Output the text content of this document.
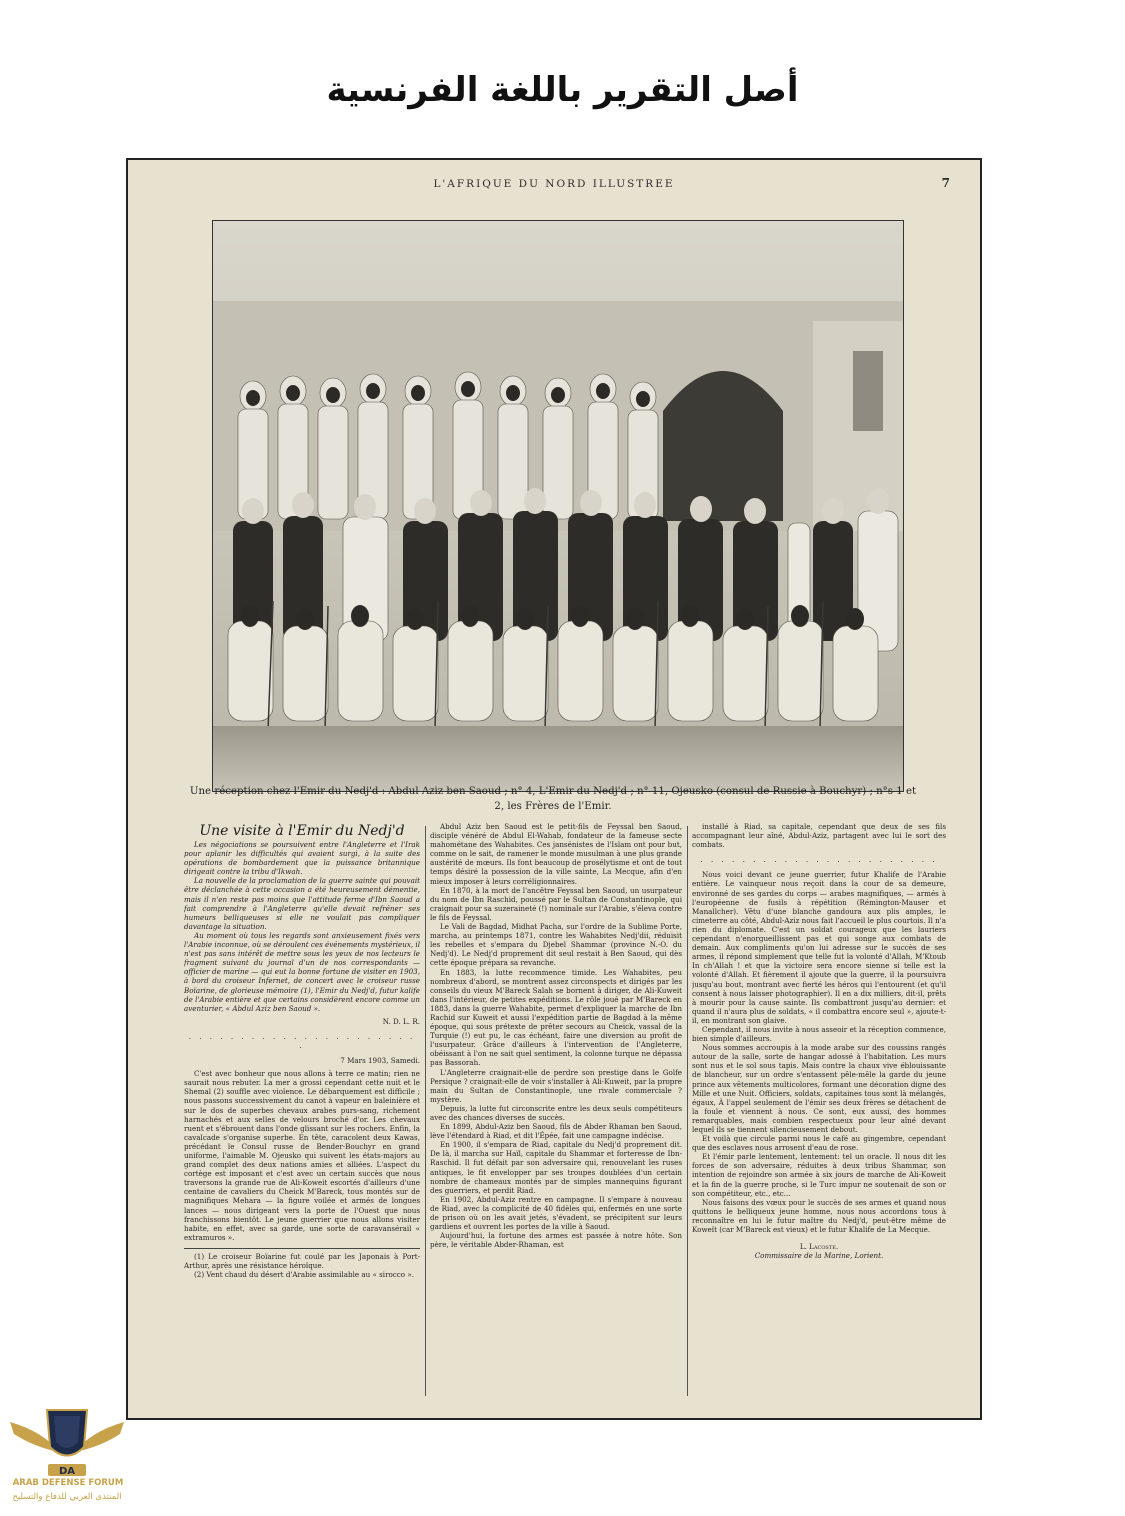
أصل التقرير باللغة الفرنسية
L'AFRIQUE DU NORD ILLUSTREE	7
Une réception chez l'Emir du Nedj'd : Abdul Aziz ben Saoud ; n° 4, L'Emir du Nedj'd ; n° 11, Ojeusko (consul de Russie à Bouchyr) ; n°s 1 et 2, les Frères de l'Emir.

Une visite à l'Emir du Nedj'd

Les négociations se poursuivent entre l'Angleterre et l'Irak pour aplanir les difficultés qui avaient surgi, à la suite des opérations de bombardement que la puissance britannique dirigeait contre la tribu d'Ikwah.

La nouvelle de la proclamation de la guerre sainte qui pouvait être déclanchée à cette occasion a été heureusement démentie, mais il n'en reste pas moins que l'attitude ferme d'Ibn Saoud a fait comprendre à l'Angleterre qu'elle devait refréner ses humeurs belliqueuses si elle ne voulait pas compliquer davantage la situation.

Au moment où tous les regards sont anxieusement fixés vers l'Arabie inconnue, où se déroulent ces événements mystérieux, il n'est pas sans intérêt de mettre sous les yeux de nos lecteurs le fragment suivant du journal d'un de nos correspondants — officier de marine — qui eut la bonne fortune de visiter en 1903, à bord du croiseur Infernet, de concert avec le croiseur russe Boïarine, de glorieuse mémoire (1), l'Emir du Nedj'd, futur kalife de l'Arabie entière et que certains considèrent encore comme un aventurier, « Abdul Aziz ben Saoud ».

N. D. L. R.

. . . . . . . . . . . . . . . . . . . . . . .

7 Mars 1903, Samedi.

C'est avec bonheur que nous allons à terre ce matin; rien ne saurait nous rebuter. La mer a grossi cependant cette nuit et le Shemal (2) souffle avec violence. Le débarquement est difficile ; nous passons successivement du canot à vapeur en baleinière et sur le dos de superbes chevaux arabes purs-sang, richement harnachés et aux selles de velours broché d'or. Les chevaux ruent et s'ébrouent dans l'onde glissant sur les rochers. Enfin, la cavalcade s'organise superbe. En tête, caracolent deux Kawas, précédant le Consul russe de Bender-Bouchyr en grand uniforme, l'aimable M. Ojeusko qui suivent les états-majors au grand complet des deux nations amies et alliées. L'aspect du cortège est imposant et c'est avec un certain succès que nous traversons la grande rue de Ali-Koweit escortés d'ailleurs d'une centaine de cavaliers du Cheick M'Bareck, tous montés sur de magnifiques Mehara — la figure voilée et armés de longues lances — nous dirigeant vers la porte de l'Ouest que nous franchissons bientôt. Le jeune guerrier que nous allons visiter habite, en effet, avec sa garde, une sorte de caravansérail « extramuros ».

(1) Le croiseur Boïarine fut coulé par les Japonais à Port-Arthur, après une résistance héroïque.

(2) Vent chaud du désert d'Arabie assimilable au « sirocco ».

Abdul Aziz ben Saoud est le petit-fils de Feyssal ben Saoud, disciple vénéré de Abdul El-Wahab, fondateur de la fameuse secte mahométane des Wahabites. Ces jansénistes de l'Islam ont pour but, comme on le sait, de ramener le monde musulman à une plus grande austérité de mœurs. Ils font beaucoup de prosélytisme et ont de tout temps désiré la possession de la ville sainte, La Mecque, afin d'en mieux imposer à leurs corréligionnaires.

En 1870, à la mort de l'ancêtre Feyssal ben Saoud, un usurpateur du nom de Ibn Raschid, poussé par le Sultan de Constantinople, qui craignait pour sa suzeraineté (!) nominale sur l'Arabie, s'éleva contre le fils de Feyssal.

Le Vali de Bagdad, Midhat Pacha, sur l'ordre de la Sublime Porte, marcha, au printemps 1871, contre les Wahabites Nedj'dii, réduisit les rebelles et s'empara du Djebel Shammar (province N.-O. du Nedj'd). Le Nedj'd proprement dit seul restait à Ben Saoud, qui dès cette époque prépara sa revanche.

En 1883, la lutte recommence timide. Les Wahabites, peu nombreux d'abord, se montrent assez circonspects et dirigés par les conseils du vieux M'Bareck Salah se bornent à diriger, de Ali-Kuweit dans l'intérieur, de petites expéditions. Le rôle joué par M'Bareck en 1883, dans la guerre Wahabite, permet d'expliquer la marche de Ibn Rachid sur Kuweit et aussi l'expédition partie de Bagdad à la même époque, qui sous prétexte de prêter secours au Cheick, vassal de la Turquie (!) eut pu, le cas échéant, faire une diversion au profit de l'usurpateur. Grâce d'ailleurs à l'intervention de l'Angleterre, obéissant à l'on ne sait quel sentiment, la colonne turque ne dépassa pas Bassorah.

L'Angleterre craignait-elle de perdre son prestige dans le Golfe Persique ? craignait-elle de voir s'installer à Ali-Kuweit, par la propre main du Sultan de Constantinople, une rivale commerciale ? mystère.

Depuis, la lutte fut circonscrite entre les deux seuls compétiteurs avec des chances diverses de succès.

En 1899, Abdul-Aziz ben Saoud, fils de Abder Rhaman ben Saoud, lève l'étendard à Riad, et dit l'Épée, fait une campagne indécise.

En 1900, il s'empara de Riad, capitale du Nedj'd proprement dit. De là, il marcha sur Haïl, capitale du Shammar et forteresse de Ibn-Raschid. Il fut défait par son adversaire qui, renouvelant les ruses antiques, le fit envelopper par ses troupes doublées d'un certain nombre de chameaux montés par de simples mannequins figurant des guerriers, et perdit Riad.

En 1902, Abdul-Aziz rentre en campagne. Il s'empare à nouveau de Riad, avec la complicité de 40 fidèles qui, enfermés en une sorte de prison où on les avait jetés, s'évadent, se précipitent sur leurs gardiens et ouvrent les portes de la ville à Saoud.

Aujourd'hui, la fortune des armes est passée à notre hôte. Son père, le véritable Abder-Rhaman, est

installé à Riad, sa capitale, cependant que deux de ses fils accompagnant leur aîné, Abdul-Aziz, partagent avec lui le sort des combats.

. . . . . . . . . . . . . . . . . . . . . . .

Nous voici devant ce jeune guerrier, futur Khalife de l'Arabie entière. Le vainqueur nous reçoit dans la cour de sa demeure, environné de ses gardes du corps — arabes magnifiques, — armés à l'européenne de fusils à répétition (Rémington-Mauser et Manallcher). Vêtu d'une blanche gandoura aux plis amples, le cimeterre au côté, Abdul-Aziz nous fait l'accueil le plus courtois. Il n'a rien du diplomate. C'est un soldat courageux que les lauriers cependant n'enorgueillissent pas et qui songe aux combats de demain. Aux compliments qu'on lui adresse sur le succès de ses armes, il répond simplement que telle fut la volonté d'Allah, M'Ktoub In ch'Allah ! et que la victoire sera encore sienne si telle est la volonté d'Allah. Et fièrement il ajoute que la guerre, il la poursuivra jusqu'au bout, montrant avec fierté les héros qui l'entourent (et qu'il consent à nous laisser photographier). Il en a dix milliers, dit-il, prêts à mourir pour la cause sainte. Ils combattront jusqu'au dernier: et quand il n'aura plus de soldats, « il combattra encore seul », ajoute-t-il, en montrant son glaive.

Cependant, il nous invite à nous asseoir et la réception commence, bien simple d'ailleurs.

Nous sommes accroupis à la mode arabe sur des coussins rangés autour de la salle, sorte de hangar adossé à l'habitation. Les murs sont nus et le sol sous tapis. Mais contre la chaux vive éblouissante de blancheur, sur un ordre s'entassent pêle-mêle la garde du jeune prince aux vêtements multicolores, formant une décoration digne des Mille et une Nuit. Officiers, soldats, capitaines tous sont là mélangés, égaux, À l'appel seulement de l'émir ses deux frères se détachent de la foule et viennent à nous. Ce sont, eux aussi, des hommes remarquables, mais combien respectueux pour leur aîné devant lequel ils se tiennent silencieusement debout.

Et voilà que circule parmi nous le café au gingembre, cependant que des esclaves nous arrosent d'eau de rose.

Et l'émir parle lentement, lentement: tel un oracle. Il nous dit les forces de son adversaire, réduites à deux tribus Shammar, son intention de rejoindre son armée à six jours de marche de Ali-Koweit et la fin de la guerre proche, si le Turc impur ne soutenait de son or son compétiteur, etc., etc...

Nous faisons des vœux pour le succès de ses armes et quand nous quittons le belliqueux jeune homme, nous nous accordons tous à reconnaître en lui le futur maître du Nedj'd, peut-être même de Koweït (car M'Bareck est vieux) et le futur Khalife de La Mecque.

L. Lacoste.

Commissaire de la Marine, Lorient.

DA
ARAB DEFENSE FORUM
المنتدى العربي للدفاع والتسليح
